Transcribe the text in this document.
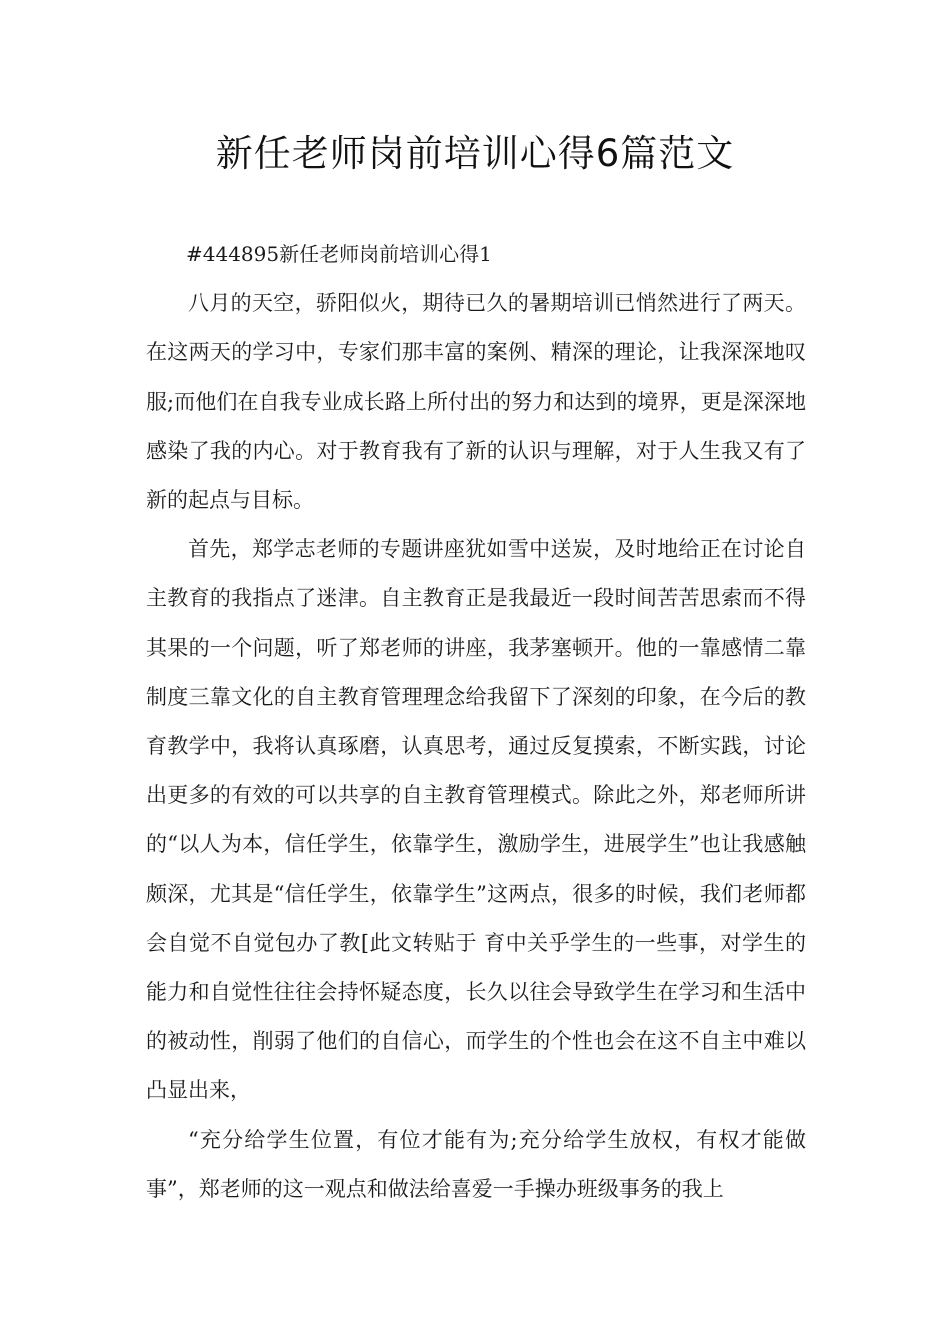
新任老师岗前培训心得6篇范文

#444895新任老师岗前培训心得1

八月的天空，骄阳似火，期待已久的暑期培训已悄然进行了两天。在这两天的学习中，专家们那丰富的案例、精深的理论，让我深深地叹服;而他们在自我专业成长路上所付出的努力和达到的境界，更是深深地感染了我的内心。对于教育我有了新的认识与理解，对于人生我又有了新的起点与目标。

首先，郑学志老师的专题讲座犹如雪中送炭，及时地给正在讨论自主教育的我指点了迷津。自主教育正是我最近一段时间苦苦思索而不得其果的一个问题，听了郑老师的讲座，我茅塞顿开。他的一靠感情二靠制度三靠文化的自主教育管理理念给我留下了深刻的印象，在今后的教育教学中，我将认真琢磨，认真思考，通过反复摸索，不断实践，讨论出更多的有效的可以共享的自主教育管理模式。除此之外，郑老师所讲的“以人为本，信任学生，依靠学生，激励学生，进展学生”也让我感触颇深，尤其是“信任学生，依靠学生”这两点，很多的时候，我们老师都会自觉不自觉包办了教[此文转贴于 育中关乎学生的一些事，对学生的能力和自觉性往往会持怀疑态度，长久以往会导致学生在学习和生活中的被动性，削弱了他们的自信心，而学生的个性也会在这不自主中难以凸显出来，

“充分给学生位置，有位才能有为;充分给学生放权，有权才能做事”，郑老师的这一观点和做法给喜爱一手操办班级事务的我上
